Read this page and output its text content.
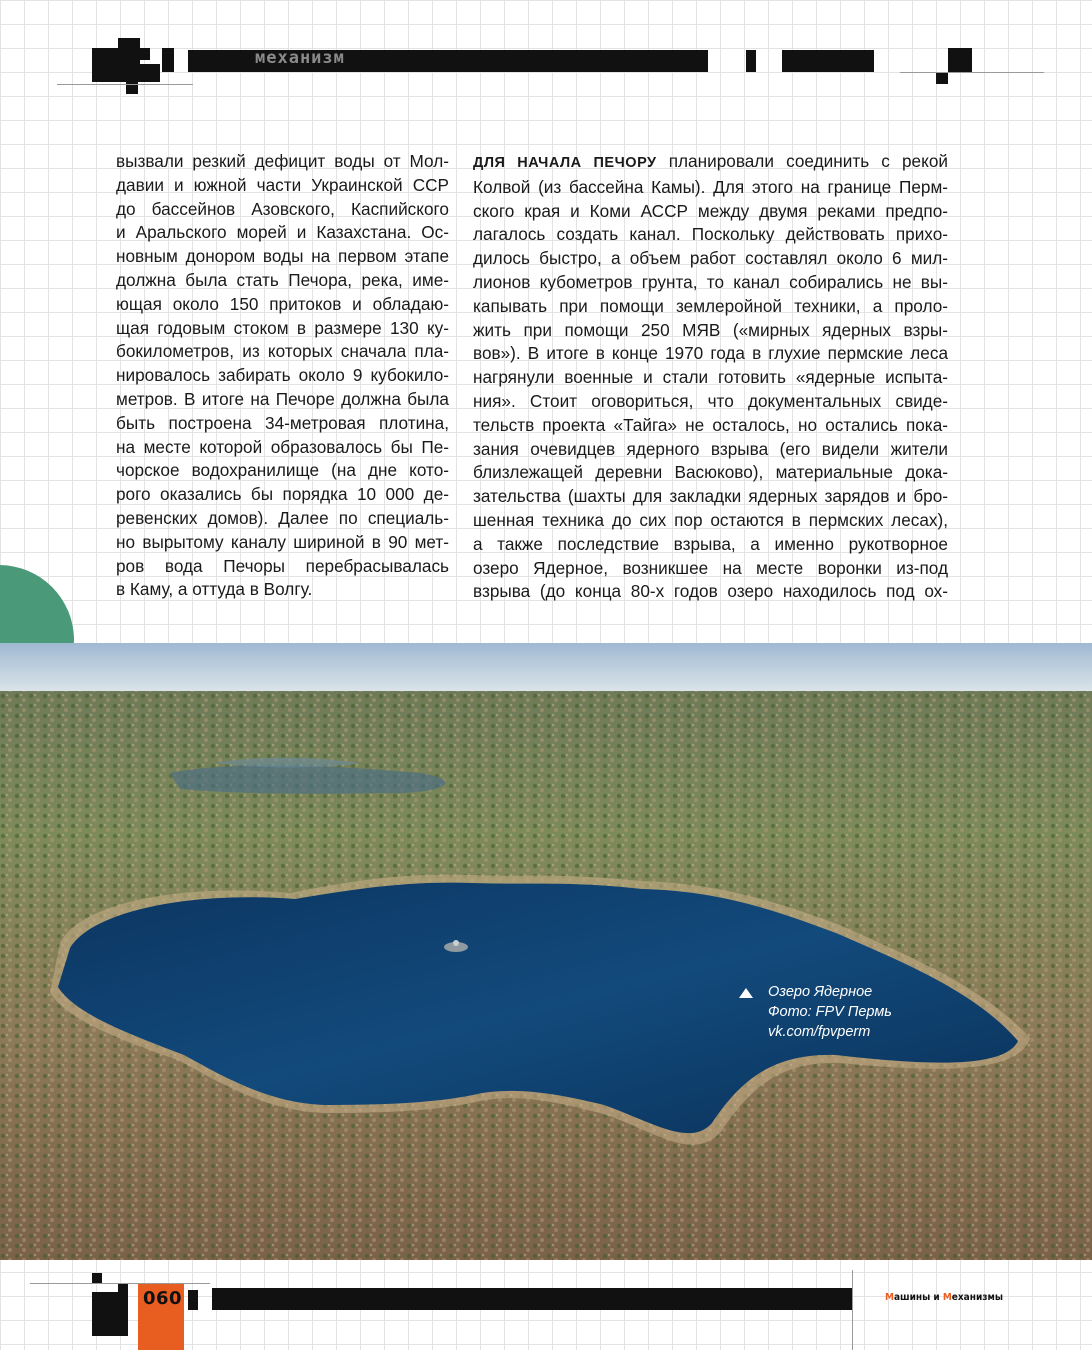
механизм

вызвали резкий дефицит воды от Мол-
давии и южной части Украинской ССР
до бассейнов Азовского, Каспийского
и Аральского морей и Казахстана. Ос-
новным донором воды на первом этапе
должна была стать Печора, река, име-
ющая около 150 притоков и обладаю-
щая годовым стоком в размере 130 ку-
бокилометров, из которых сначала пла-
нировалось забирать около 9 кубокило-
метров. В итоге на Печоре должна была
быть построена 34-метровая плотина,
на месте которой образовалось бы Пе-
чорское водохранилище (на дне кото-
рого оказались бы порядка 10 000 де-
ревенских домов). Далее по специаль-
но вырытому каналу шириной в 90 мет-
ров вода Печоры перебрасывалась
в Каму, а оттуда в Волгу.

ДЛЯ НАЧАЛА ПЕЧОРУ планировали соединить с рекой

Колвой (из бассейна Камы). Для этого на границе Перм-
ского края и Коми АССР между двумя реками предпо-
лагалось создать канал. Поскольку действовать прихо-
дилось быстро, а объем работ составлял около 6 мил-
лионов кубометров грунта, то канал собирались не вы-
капывать при помощи землеройной техники, а проло-
жить при помощи 250 МЯВ («мирных ядерных взры-
вов»). В итоге в конце 1970 года в глухие пермские леса
нагрянули военные и стали готовить «ядерные испыта-
ния». Стоит оговориться, что документальных свиде-
тельств проекта «Тайга» не осталось, но остались пока-
зания очевидцев ядерного взрыва (его видели жители
близлежащей деревни Васюково), материальные дока-
зательства (шахты для закладки ядерных зарядов и бро-
шенная техника до сих пор остаются в пермских лесах),
а также последствие взрыва, а именно рукотворное
озеро Ядерное, возникшее на месте воронки из-под
взрыва (до конца 80-х годов озеро находилось под ох-

Озеро Ядерное
Фото: FPV Пермь
vk.com/fpvperm
060	Машины и Механизмы
